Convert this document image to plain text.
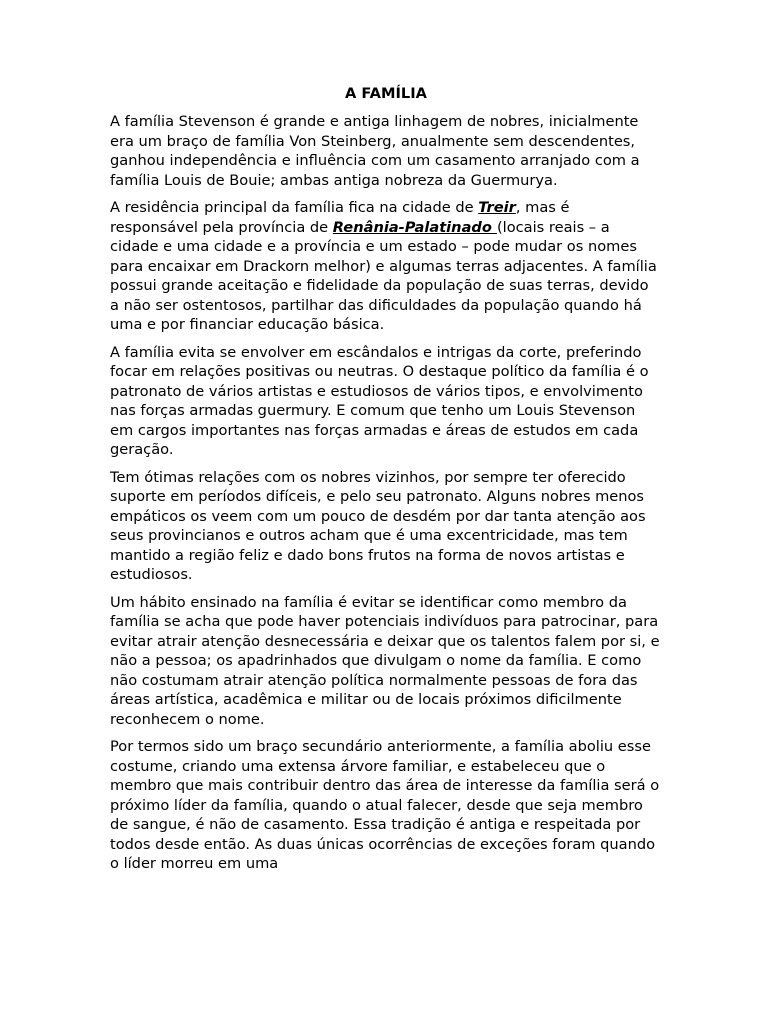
A FAMÍLIA

A família Stevenson é grande e antiga linhagem de nobres, inicialmente era um braço de família Von Steinberg, anualmente sem descendentes, ganhou independência e influência com um casamento arranjado com a família Louis de Bouie; ambas antiga nobreza da Guermurya.

A residência principal da família fica na cidade de Treir, mas é responsável pela província de Renânia-Palatinado (locais reais – a cidade e uma cidade e a província e um estado – pode mudar os nomes para encaixar em Drackorn melhor) e algumas terras adjacentes. A família possui grande aceitação e fidelidade da população de suas terras, devido a não ser ostentosos, partilhar das dificuldades da população quando há uma e por financiar educação básica.

A família evita se envolver em escândalos e intrigas da corte, preferindo focar em relações positivas ou neutras. O destaque político da família é o patronato de vários artistas e estudiosos de vários tipos, e envolvimento nas forças armadas guermury. E comum que tenho um Louis Stevenson em cargos importantes nas forças armadas e áreas de estudos em cada geração.

Tem ótimas relações com os nobres vizinhos, por sempre ter oferecido suporte em períodos difíceis, e pelo seu patronato. Alguns nobres menos empáticos os veem com um pouco de desdém por dar tanta atenção aos seus provincianos e outros acham que é uma excentricidade, mas tem mantido a região feliz e dado bons frutos na forma de novos artistas e estudiosos.

Um hábito ensinado na família é evitar se identificar como membro da família se acha que pode haver potenciais indivíduos para patrocinar, para evitar atrair atenção desnecessária e deixar que os talentos falem por si, e não a pessoa; os apadrinhados que divulgam o nome da família. E como não costumam atrair atenção política normalmente pessoas de fora das áreas artística, acadêmica e militar ou de locais próximos dificilmente reconhecem o nome.

Por termos sido um braço secundário anteriormente, a família aboliu esse costume, criando uma extensa árvore familiar, e estabeleceu que o membro que mais contribuir dentro das área de interesse da família será o próximo líder da família, quando o atual falecer, desde que seja membro de sangue, é não de casamento. Essa tradição é antiga e respeitada por todos desde então. As duas únicas ocorrências de exceções foram quando o líder morreu em uma
